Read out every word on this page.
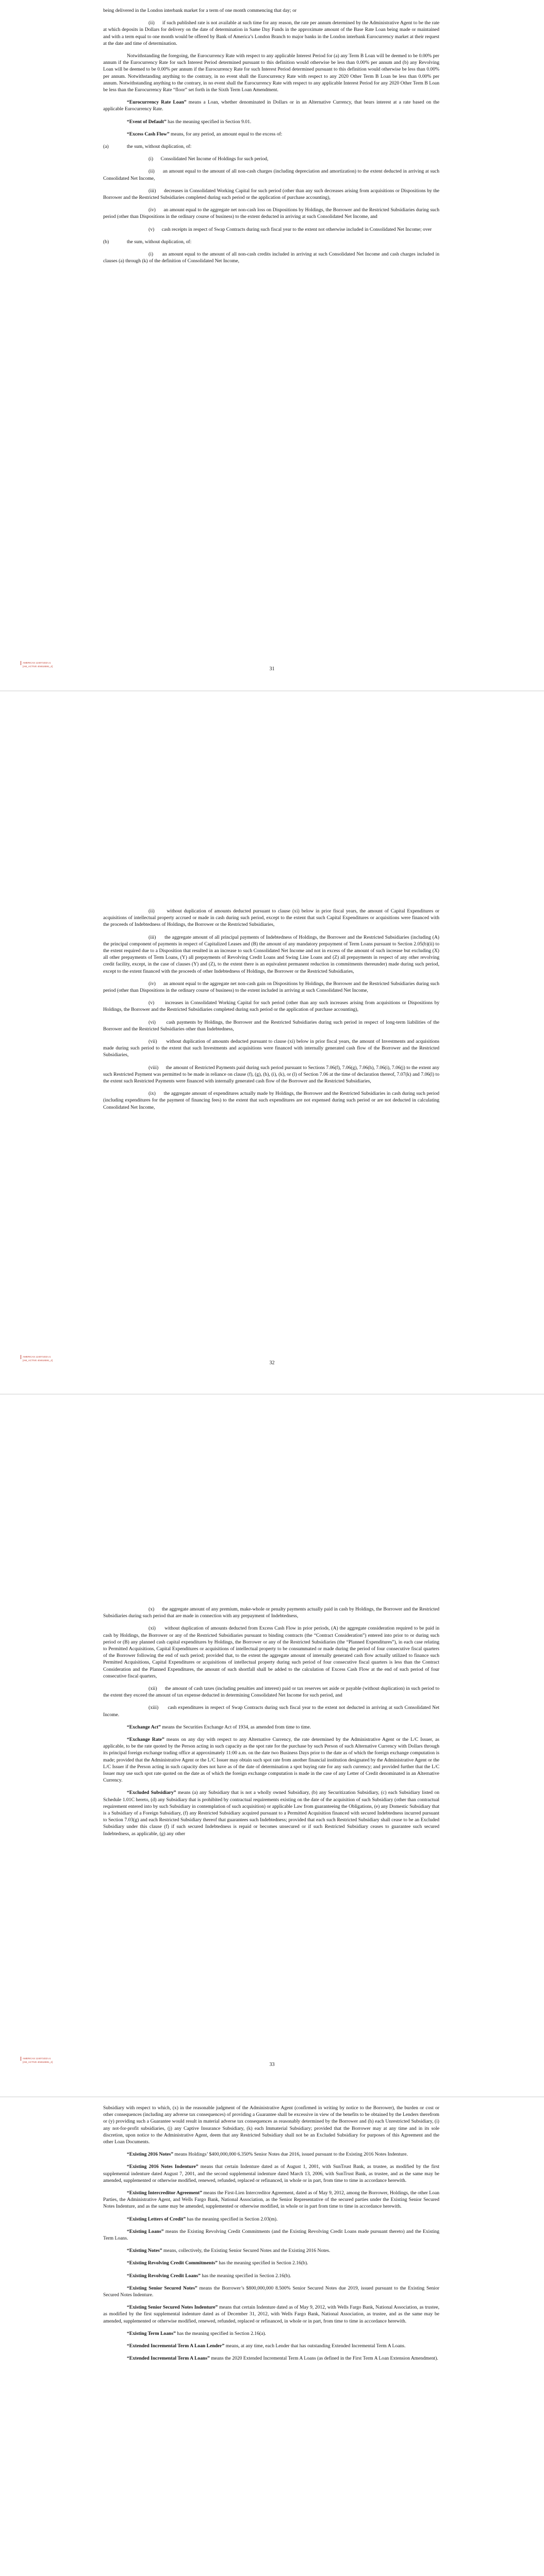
being delivered in the London interbank market for a term of one month commencing that day; or

(ii)      if such published rate is not available at such time for any reason, the rate per annum determined by the Administrative Agent to be the rate at which deposits in Dollars for delivery on the date of determination in Same Day Funds in the approximate amount of the Base Rate Loan being made or maintained and with a term equal to one month would be offered by Bank of America’s London Branch to major banks in the London interbank Eurocurrency market at their request at the date and time of determination.

Notwithstanding the foregoing, the Eurocurrency Rate with respect to any applicable Interest Period for (a) any Term B Loan will be deemed to be 0.00% per annum if the Eurocurrency Rate for such Interest Period determined pursuant to this definition would otherwise be less than 0.00% per annum and (b) any Revolving Loan will be deemed to be 0.00% per annum if the Eurocurrency Rate for such Interest Period determined pursuant to this definition would otherwise be less than 0.00% per annum. Notwithstanding anything to the contrary, in no event shall the Eurocurrency Rate with respect to any 2020 Other Term B Loan be less than 0.00% per annum. Notwithstanding anything to the contrary, in no event shall the Eurocurrency Rate with respect to any applicable Interest Period for any 2020 Other Term B Loan be less than the Eurocurrency Rate “floor” set forth in the Sixth Term Loan Amendment.

“Eurocurrency Rate Loan” means a Loan, whether denominated in Dollars or in an Alternative Currency, that bears interest at a rate based on the applicable Eurocurrency Rate.

“Event of Default” has the meaning specified in Section 9.01.

“Excess Cash Flow” means, for any period, an amount equal to the excess of:

(a)	the sum, without duplication, of:

(i)      Consolidated Net Income of Holdings for such period,

(ii)      an amount equal to the amount of all non-cash charges (including depreciation and amortization) to the extent deducted in arriving at such Consolidated Net Income,

(iii)      decreases in Consolidated Working Capital for such period (other than any such decreases arising from acquisitions or Dispositions by the Borrower and the Restricted Subsidiaries completed during such period or the application of purchase accounting),

(iv)      an amount equal to the aggregate net non-cash loss on Dispositions by Holdings, the Borrower and the Restricted Subsidiaries during such period (other than Dispositions in the ordinary course of business) to the extent deducted in arriving at such Consolidated Net Income, and

(v)      cash receipts in respect of Swap Contracts during such fiscal year to the extent not otherwise included in Consolidated Net Income; over

(b)	the sum, without duplication, of:

(i)      an amount equal to the amount of all non-cash credits included in arriving at such Consolidated Net Income and cash charges included in clauses (a) through (k) of the definition of Consolidated Net Income,

AMERICAS 124071033 v1
[AM_ACTIVE 404616591_4]	31

(ii)      without duplication of amounts deducted pursuant to clause (xi) below in prior fiscal years, the amount of Capital Expenditures or acquisitions of intellectual property accrued or made in cash during such period, except to the extent that such Capital Expenditures or acquisitions were financed with the proceeds of Indebtedness of Holdings, the Borrower or the Restricted Subsidiaries,

(iii)      the aggregate amount of all principal payments of Indebtedness of Holdings, the Borrower and the Restricted Subsidiaries (including (A) the principal component of payments in respect of Capitalized Leases and (B) the amount of any mandatory prepayment of Term Loans pursuant to Section 2.05(b)(ii) to the extent required due to a Disposition that resulted in an increase to such Consolidated Net Income and not in excess of the amount of such increase but excluding (X) all other prepayments of Term Loans, (Y) all prepayments of Revolving Credit Loans and Swing Line Loans and (Z) all prepayments in respect of any other revolving credit facility, except, in the case of clauses (Y) and (Z), to the extent there is an equivalent permanent reduction in commitments thereunder) made during such period, except to the extent financed with the proceeds of other Indebtedness of Holdings, the Borrower or the Restricted Subsidiaries,

(iv)      an amount equal to the aggregate net non-cash gain on Dispositions by Holdings, the Borrower and the Restricted Subsidiaries during such period (other than Dispositions in the ordinary course of business) to the extent included in arriving at such Consolidated Net Income,

(v)      increases in Consolidated Working Capital for such period (other than any such increases arising from acquisitions or Dispositions by Holdings, the Borrower and the Restricted Subsidiaries completed during such period or the application of purchase accounting),

(vi)      cash payments by Holdings, the Borrower and the Restricted Subsidiaries during such period in respect of long-term liabilities of the Borrower and the Restricted Subsidiaries other than Indebtedness,

(vii)      without duplication of amounts deducted pursuant to clause (xi) below in prior fiscal years, the amount of Investments and acquisitions made during such period to the extent that such Investments and acquisitions were financed with internally generated cash flow of the Borrower and the Restricted Subsidiaries,

(viii)      the amount of Restricted Payments paid during such period pursuant to Sections 7.06(f), 7.06(g), 7.06(h), 7.06(i), 7.06(j) to the extent any such Restricted Payment was permitted to be made in reliance on clause (f), (g), (h), (i), (k), or (l) of Section 7.06 at the time of declaration thereof, 7.07(k) and 7.06(l) to the extent such Restricted Payments were financed with internally generated cash flow of the Borrower and the Restricted Subsidiaries,

(ix)      the aggregate amount of expenditures actually made by Holdings, the Borrower and the Restricted Subsidiaries in cash during such period (including expenditures for the payment of financing fees) to the extent that such expenditures are not expensed during such period or are not deducted in calculating Consolidated Net Income,

AMERICAS 124071033 v1
[AM_ACTIVE 404616591_4]	32

(x)      the aggregate amount of any premium, make-whole or penalty payments actually paid in cash by Holdings, the Borrower and the Restricted Subsidiaries during such period that are made in connection with any prepayment of Indebtedness,

(xi)      without duplication of amounts deducted from Excess Cash Flow in prior periods, (A) the aggregate consideration required to be paid in cash by Holdings, the Borrower or any of the Restricted Subsidiaries pursuant to binding contracts (the “Contract Consideration”) entered into prior to or during such period or (B) any planned cash capital expenditures by Holdings, the Borrower or any of the Restricted Subsidiaries (the “Planned Expenditures”), in each case relating to Permitted Acquisitions, Capital Expenditures or acquisitions of intellectual property to be consummated or made during the period of four consecutive fiscal quarters of the Borrower following the end of such period; provided that, to the extent the aggregate amount of internally generated cash flow actually utilized to finance such Permitted Acquisitions, Capital Expenditures or acquisitions of intellectual property during such period of four consecutive fiscal quarters is less than the Contract Consideration and the Planned Expenditures, the amount of such shortfall shall be added to the calculation of Excess Cash Flow at the end of such period of four consecutive fiscal quarters,

(xii)      the amount of cash taxes (including penalties and interest) paid or tax reserves set aside or payable (without duplication) in such period to the extent they exceed the amount of tax expense deducted in determining Consolidated Net Income for such period, and

(xiii)      cash expenditures in respect of Swap Contracts during such fiscal year to the extent not deducted in arriving at such Consolidated Net Income.

“Exchange Act” means the Securities Exchange Act of 1934, as amended from time to time.

“Exchange Rate” means on any day with respect to any Alternative Currency, the rate determined by the Administrative Agent or the L/C Issuer, as applicable, to be the rate quoted by the Person acting in such capacity as the spot rate for the purchase by such Person of such Alternative Currency with Dollars through its principal foreign exchange trading office at approximately 11:00 a.m. on the date two Business Days prior to the date as of which the foreign exchange computation is made; provided that the Administrative Agent or the L/C Issuer may obtain such spot rate from another financial institution designated by the Administrative Agent or the L/C Issuer if the Person acting in such capacity does not have as of the date of determination a spot buying rate for any such currency; and provided further that the L/C Issuer may use such spot rate quoted on the date as of which the foreign exchange computation is made in the case of any Letter of Credit denominated in an Alternative Currency.

“Excluded Subsidiary” means (a) any Subsidiary that is not a wholly owned Subsidiary, (b) any Securitization Subsidiary, (c) each Subsidiary listed on Schedule 1.01C hereto, (d) any Subsidiary that is prohibited by contractual requirements existing on the date of the acquisition of such Subsidiary (other than contractual requirement entered into by such Subsidiary in contemplation of such acquisition) or applicable Law from guaranteeing the Obligations, (e) any Domestic Subsidiary that is a Subsidiary of a Foreign Subsidiary, (f) any Restricted Subsidiary acquired pursuant to a Permitted Acquisition financed with secured Indebtedness incurred pursuant to Section 7.03(g) and each Restricted Subsidiary thereof that guarantees such Indebtedness; provided that each such Restricted Subsidiary shall cease to be an Excluded Subsidiary under this clause (f) if such secured Indebtedness is repaid or becomes unsecured or if such Restricted Subsidiary ceases to guarantee such secured Indebtedness, as applicable, (g) any other

AMERICAS 124071033 v1
[AM_ACTIVE 404616591_4]	33

Subsidiary with respect to which, (x) in the reasonable judgment of the Administrative Agent (confirmed in writing by notice to the Borrower), the burden or cost or other consequences (including any adverse tax consequences) of providing a Guarantee shall be excessive in view of the benefits to be obtained by the Lenders therefrom or (y) providing such a Guarantee would result in material adverse tax consequences as reasonably determined by the Borrower and (h) each Unrestricted Subsidiary, (i) any not-for-profit subsidiaries, (j) any Captive Insurance Subsidiary, (k) each Immaterial Subsidiary; provided that the Borrower may at any time and in its sole discretion, upon notice to the Administrative Agent, deem that any Restricted Subsidiary shall not be an Excluded Subsidiary for purposes of this Agreement and the other Loan Documents.

“Existing 2016 Notes” means Holdings’ $400,000,000 6.350% Senior Notes due 2016, issued pursuant to the Existing 2016 Notes Indenture.

“Existing 2016 Notes Indenture” means that certain Indenture dated as of August 1, 2001, with SunTrust Bank, as trustee, as modified by the first supplemental indenture dated August 7, 2001, and the second supplemental indenture dated March 13, 2006, with SunTrust Bank, as trustee, and as the same may be amended, supplemented or otherwise modified, renewed, refunded, replaced or refinanced, in whole or in part, from time to time in accordance herewith.

“Existing Intercreditor Agreement” means the First-Lien Intercreditor Agreement, dated as of May 9, 2012, among the Borrower, Holdings, the other Loan Parties, the Administrative Agent, and Wells Fargo Bank, National Association, as the Senior Representative of the secured parties under the Existing Senior Secured Notes Indenture, and as the same may be amended, supplemented or otherwise modified, in whole or in part from time to time in accordance herewith.

“Existing Letters of Credit” has the meaning specified in Section 2.03(m).

“Existing Loans” means the Existing Revolving Credit Commitments (and the Existing Revolving Credit Loans made pursuant thereto) and the Existing Term Loans.

“Existing Notes” means, collectively, the Existing Senior Secured Notes and the Existing 2016 Notes.

“Existing Revolving Credit Commitments” has the meaning specified in Section 2.16(b).

“Existing Revolving Credit Loans” has the meaning specified in Section 2.16(b).

“Existing Senior Secured Notes” means the Borrower’s $800,000,000 8.500% Senior Secured Notes due 2019, issued pursuant to the Existing Senior Secured Notes Indenture.

“Existing Senior Secured Notes Indenture” means that certain Indenture dated as of May 9, 2012, with Wells Fargo Bank, National Association, as trustee, as modified by the first supplemental indenture dated as of December 31, 2012, with Wells Fargo Bank, National Association, as trustee, and as the same may be amended, supplemented or otherwise modified, renewed, refunded, replaced or refinanced, in whole or in part, from time to time in accordance herewith.

“Existing Term Loans” has the meaning specified in Section 2.16(a).

“Extended Incremental Term A Loan Lender” means, at any time, each Lender that has outstanding Extended Incremental Term A Loans.

“Extended Incremental Term A Loans” means the 2020 Extended Incremental Term A Loans (as defined in the First Term A Loan Extension Amendment).
